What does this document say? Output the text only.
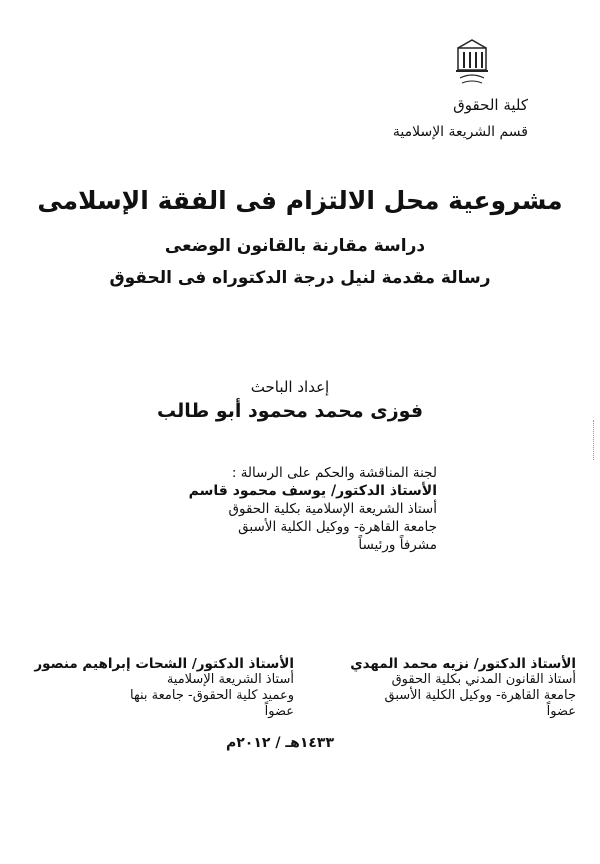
كلية الحقوق
قسم الشريعة الإسلامية
مشروعية محل الالتزام فى الفقة الإسلامى
دراسة مقارنة بالقانون الوضعى
رسالة مقدمة لنيل درجة الدكتوراه فى الحقوق
إعداد الباحث
فوزى محمد محمود أبو طالب
لجنة المناقشة والحكم على الرسالة :
الأستاذ الدكتور/ يوسف محمود قاسم
أستاذ الشريعة الإسلامية بكلية الحقوق
جامعة القاهرة- ووكيل الكلية الأسبق
مشرفاً ورئيساً
الأستاذ الدكتور/ نزيه محمد المهدي
أستاذ القانون المدني بكلية الحقوق
جامعة القاهرة- ووكيل الكلية الأسبق
عضواً
الأستاذ الدكتور/ الشحات إبراهيم منصور
أستاذ الشريعة الإسلامية
وعميد كلية الحقوق- جامعة بنها
عضواً
١٤٣٣هـ / ٢٠١٢م
